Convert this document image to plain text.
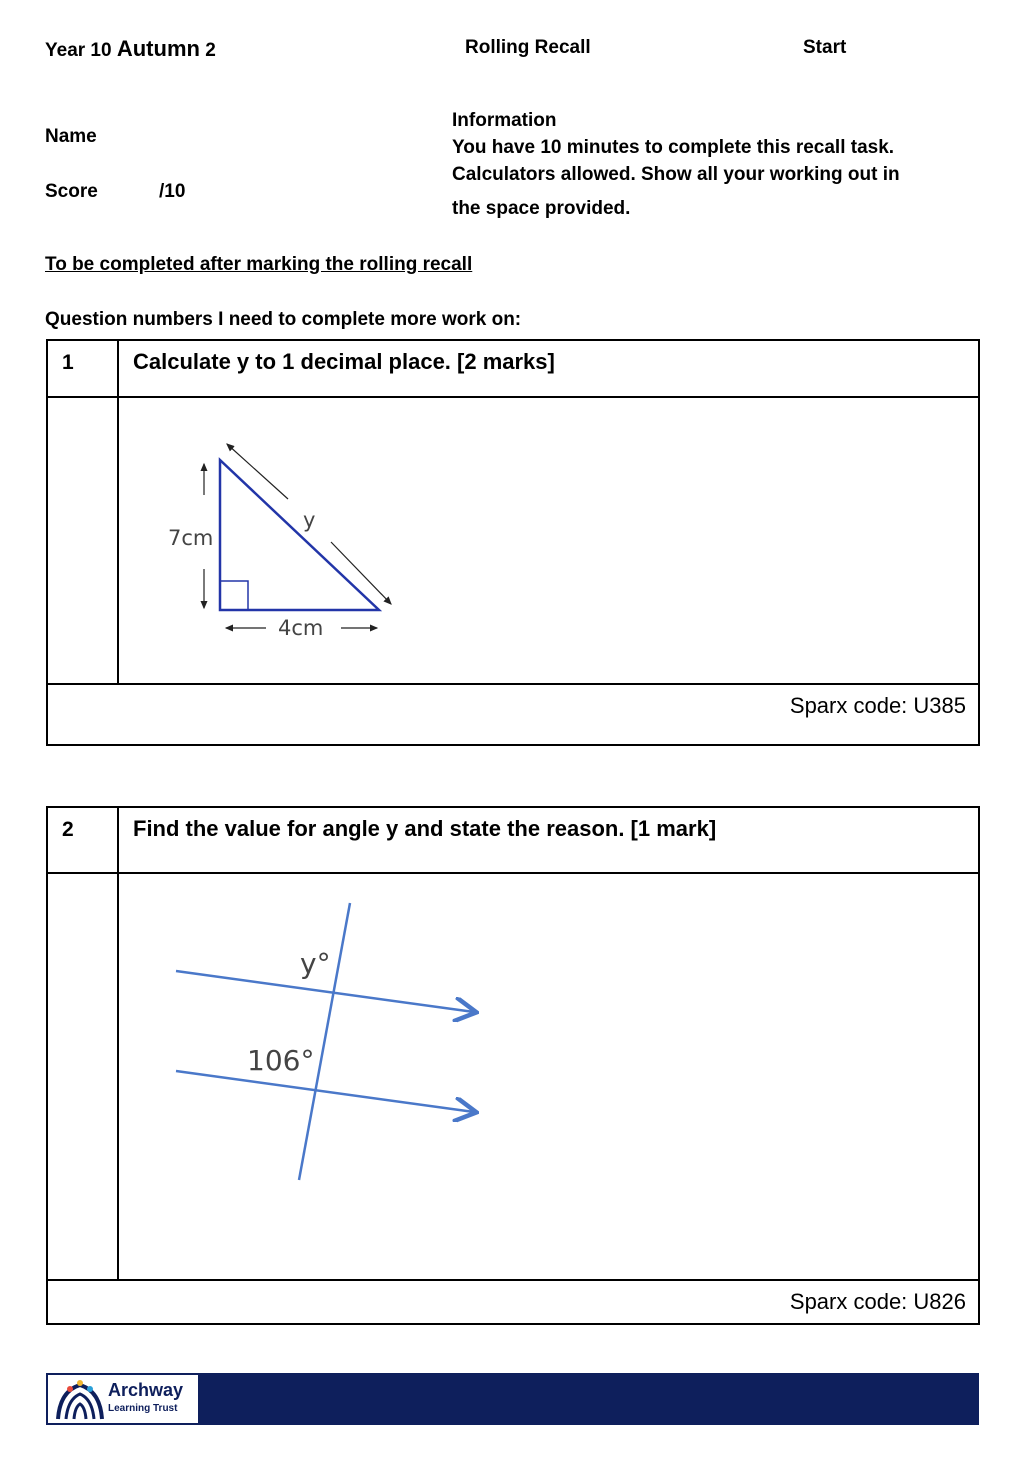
Year 10 Autumn 2	Rolling Recall	Start
Name
Score	/10
Information
You have 10 minutes to complete this recall task.
Calculators allowed. Show all your working out in
the space provided.
To be completed after marking the rolling recall
Question numbers I need to complete more work on:
1	Calculate y to 1 decimal place. [2 marks]
7cm
4cm
y
Sparx code: U385
2	Find the value for angle y and state the reason. [1 mark]
y°
106°
Sparx code: U826
Archway
Learning Trust
